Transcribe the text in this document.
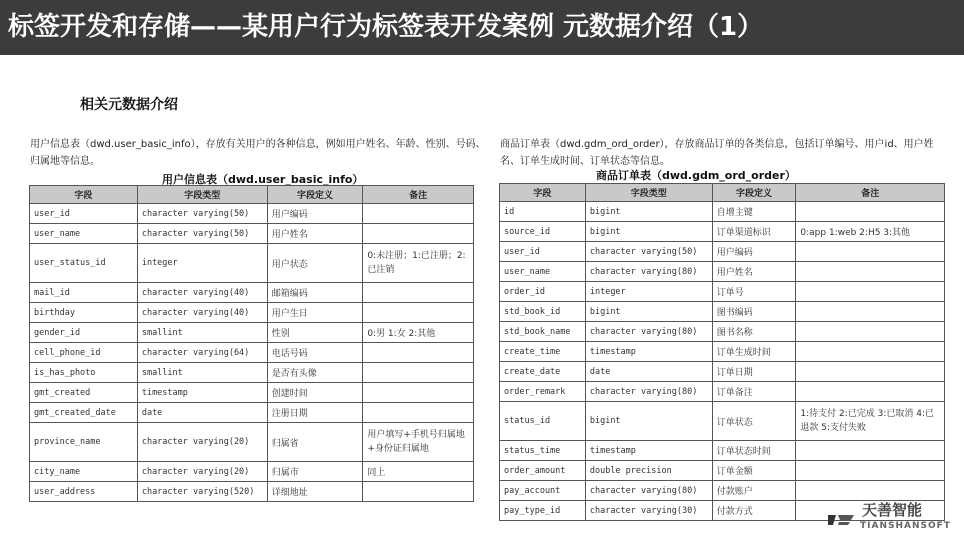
标签开发和存储——某用户行为标签表开发案例 元数据介绍（1）
相关元数据介绍
用户信息表（dwd.user_basic_info），存放有关用户的各种信息，例如用户姓名、年龄、性别、号码、归属地等信息。
商品订单表（dwd.gdm_ord_order），存放商品订单的各类信息，包括订单编号、用户id、用户姓名、订单生成时间、订单状态等信息。
用户信息表（dwd.user_basic_info）	商品订单表（dwd.gdm_ord_order）
字段	字段类型	字段定义	备注
user_id	character varying(50)	用户编码	
user_name	character varying(50)	用户姓名	
user_status_id	integer	用户状态	0:未注册；1:已注册；2:已注销
mail_id	character varying(40)	邮箱编码	
birthday	character varying(40)	用户生日	
gender_id	smallint	性别	0:男 1:女 2:其他
cell_phone_id	character varying(64)	电话号码	
is_has_photo	smallint	是否有头像	
gmt_created	timestamp	创建时间	
gmt_created_date	date	注册日期	
province_name	character varying(20)	归属省	用户填写+手机号归属地+身份证归属地
city_name	character varying(20)	归属市	同上
user_address	character varying(520)	详细地址	
字段	字段类型	字段定义	备注
id	bigint	自增主键	
source_id	bigint	订单渠道标识	0:app 1:web 2:H5 3:其他
user_id	character varying(50)	用户编码	
user_name	character varying(80)	用户姓名	
order_id	integer	订单号	
std_book_id	bigint	图书编码	
std_book_name	character varying(80)	图书名称	
create_time	timestamp	订单生成时间	
create_date	date	订单日期	
order_remark	character varying(80)	订单备注	
status_id	bigint	订单状态	1:待支付 2:已完成 3:已取消 4:已退款 5:支付失败
status_time	timestamp	订单状态时间	
order_amount	double precision	订单金额	
pay_account	character varying(80)	付款账户	
pay_type_id	character varying(30)	付款方式		天善智能
TIANSHANSOFT
